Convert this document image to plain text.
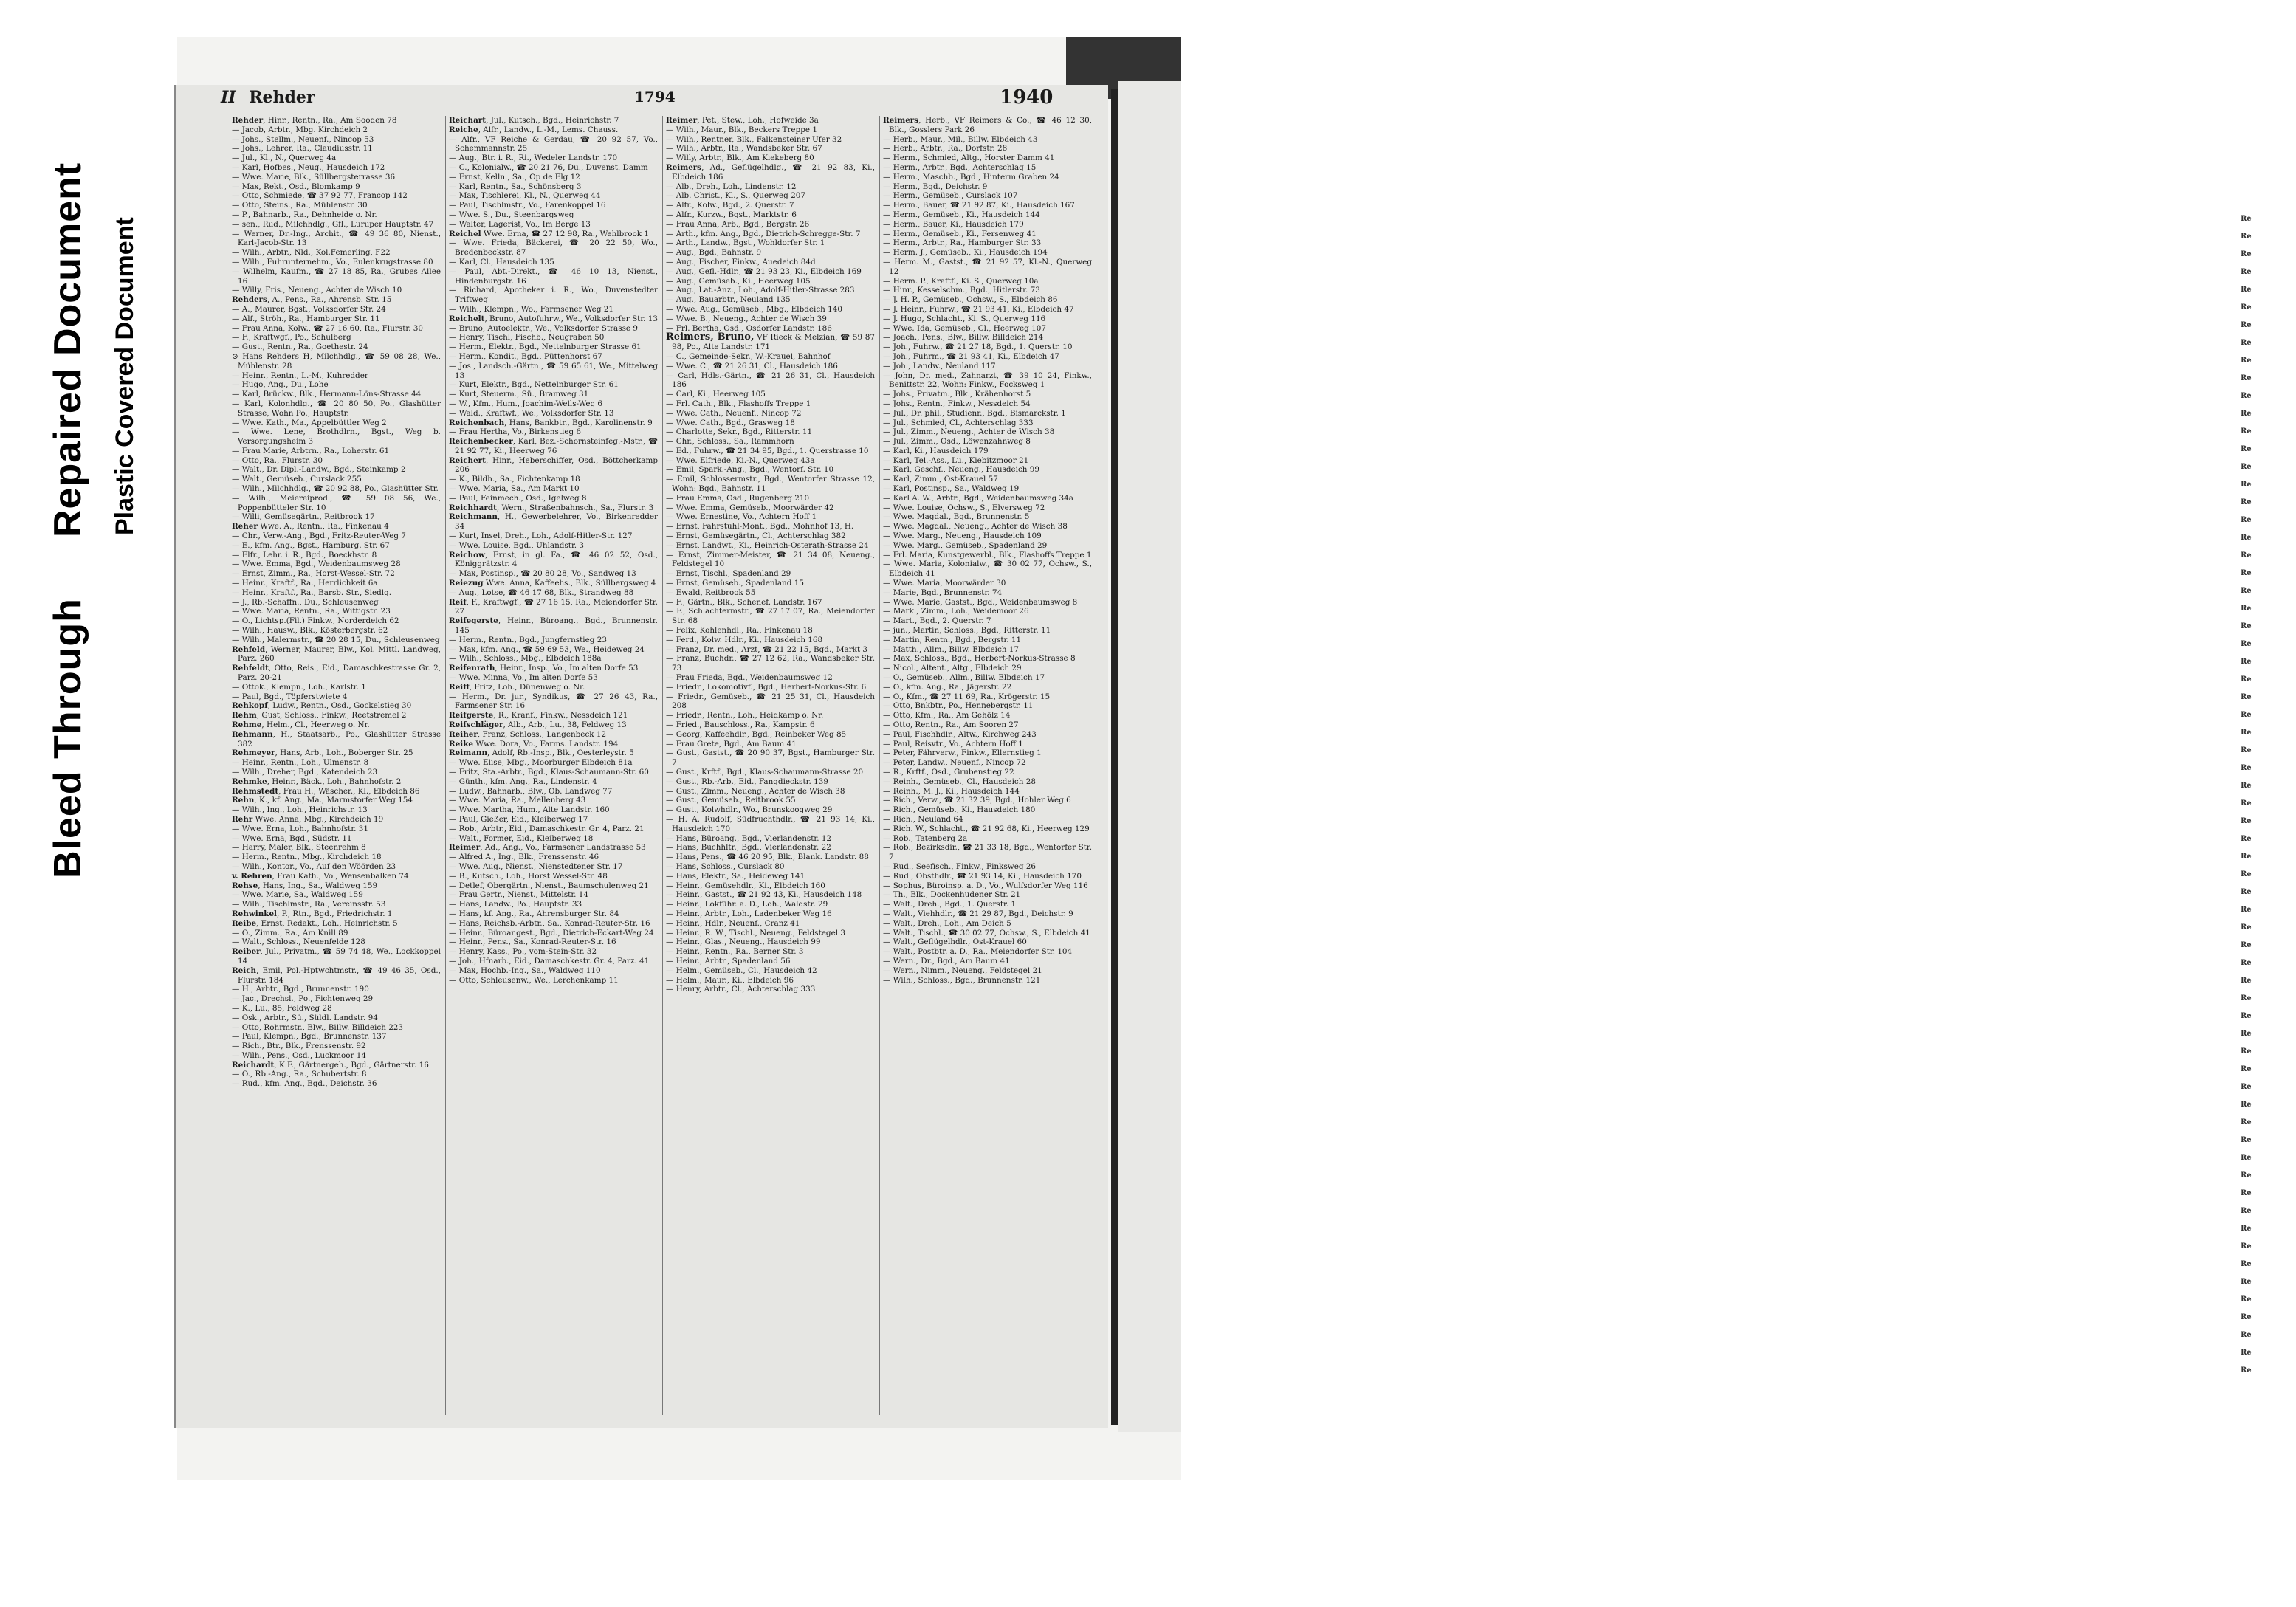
Bleed Through
Repaired Document Plastic Covered Document	Re
Re
Re
Re
Re
Re
Re
Re
Re
Re
Re
Re
Re
Re
Re
Re
Re
Re
Re
Re
Re
Re
Re
Re
Re
Re
Re
Re
Re
Re
Re
Re
Re
Re
Re
Re
Re
Re
Re
Re
Re
Re
Re
Re
Re
Re
Re
Re
Re
Re
Re
Re
Re
Re
Re
Re
Re
Re
Re
Re
Re
Re
Re
Re
Re
Re
II Rehder	1794	1940

Rehder, Hinr., Rentn., Ra., Am Sooden 78

— Jacob, Arbtr., Mbg. Kirchdeich 2

— Johs., Stellm., Neuenf., Nincop 53

— Johs., Lehrer, Ra., Claudiusstr. 11

— Jul., Kl., N., Querweg 4a

— Karl, Hofbes., Neug., Hausdeich 172

— Wwe. Marie, Blk., Süllbergsterrasse 36

— Max, Rekt., Osd., Blomkamp 9

— Otto, Schmiede, ☎ 37 92 77, Francop 142

— Otto, Steins., Ra., Mühlenstr. 30

— P., Bahnarb., Ra., Dehnheide o. Nr.

— sen., Rud., Milchhdlg., Gfl., Luruper Hauptstr. 47

— Werner, Dr.-Ing., Archit., ☎ 49 36 80, Nienst., Karl-Jacob-Str. 13

— Wilh., Arbtr., Nld., Kol.Femerling, F22

— Wilh., Fuhrunternehm., Vo., Eulenkrugstrasse 80

— Wilhelm, Kaufm., ☎ 27 18 85, Ra., Grubes Allee 16

— Willy, Fris., Neueng., Achter de Wisch 10

Rehders, A., Pens., Ra., Ahrensb. Str. 15

— A., Maurer, Bgst., Volksdorfer Str. 24

— Alf., Ströh., Ra., Hamburger Str. 11

— Frau Anna, Kolw., ☎ 27 16 60, Ra., Flurstr. 30

— F., Kraftwgf., Po., Schulberg

— Gust., Rentn., Ra., Goethestr. 24

⊙ Hans Rehders H, Milchhdlg., ☎ 59 08 28, We., Mühlenstr. 28

— Heinr., Rentn., L.-M., Kuhredder

— Hugo, Ang., Du., Lohe

— Karl, Brückw., Blk., Hermann-Löns-Strasse 44

— Karl, Kolonhdlg., ☎ 20 80 50, Po., Glashütter Strasse, Wohn Po., Hauptstr.

— Wwe. Kath., Ma., Appelbüttler Weg 2

— Wwe. Lene, Brothdlrn., Bgst., Weg b. Versorgungsheim 3

— Frau Marie, Arbtrn., Ra., Loherstr. 61

— Otto, Ra., Flurstr. 30

— Walt., Dr. Dipl.-Landw., Bgd., Steinkamp 2

— Walt., Gemüseb., Curslack 255

— Wilh., Milchhdlg., ☎ 20 92 88, Po., Glashütter Str.

— Wilh., Meiereiprod., ☎ 59 08 56, We., Poppenbütteler Str. 10

— Willi, Gemüsegärtn., Reitbrook 17

Reher Wwe. A., Rentn., Ra., Finkenau 4

— Chr., Verw.-Ang., Bgd., Fritz-Reuter-Weg 7

— E., kfm. Ang., Bgst., Hamburg. Str. 67

— Elfr., Lehr. i. R., Bgd., Boeckhstr. 8

— Wwe. Emma, Bgd., Weidenbaumsweg 28

— Ernst, Zimm., Ra., Horst-Wessel-Str. 72

— Heinr., Kraftf., Ra., Herrlichkeit 6a

— Heinr., Kraftf., Ra., Barsb. Str., Siedlg.

— J., Rb.-Schaffn., Du., Schleusenweg

— Wwe. Maria, Rentn., Ra., Wittigstr. 23

— O., Lichtsp.(Fil.) Finkw., Norderdeich 62

— Wilh., Hausw., Blk., Kösterbergstr. 62

— Wilh., Malermstr., ☎ 20 28 15, Du., Schleusenweg

Rehfeld, Werner, Maurer, Blw., Kol. Mittl. Landweg, Parz. 260

Rehfeldt, Otto, Reis., Eid., Damaschkestrasse Gr. 2, Parz. 20-21

— Ottok., Klempn., Loh., Karlstr. 1

— Paul, Bgd., Töpferstwiete 4

Rehkopf, Ludw., Rentn., Osd., Gockelstieg 30

Rehm, Gust, Schloss., Finkw., Reetstremel 2

Rehme, Helm., Cl., Heerweg o. Nr.

Rehmann, H., Staatsarb., Po., Glashütter Strasse 382

Rehmeyer, Hans, Arb., Loh., Boberger Str. 25

— Heinr., Rentn., Loh., Ulmenstr. 8

— Wilh., Dreher, Bgd., Katendeich 23

Rehmke, Heinr., Bäck., Loh., Bahnhofstr. 2

Rehmstedt, Frau H., Wäscher., Kl., Elbdeich 86

Rehn, K., kf. Ang., Ma., Marmstorfer Weg 154

— Wilh., Ing., Loh., Heinrichstr. 13

Rehr Wwe. Anna, Mbg., Kirchdeich 19

— Wwe. Erna, Loh., Bahnhofstr. 31

— Wwe. Erna, Bgd., Südstr. 11

— Harry, Maler, Blk., Steenrehm 8

— Herm., Rentn., Mbg., Kirchdeich 18

— Wilh., Kontor., Vo., Auf den Wöörden 23

v. Rehren, Frau Kath., Vo., Wensenbalken 74

Rehse, Hans, Ing., Sa., Waldweg 159

— Wwe. Marie, Sa., Waldweg 159

— Wilh., Tischlmstr., Ra., Vereinsstr. 53

Rehwinkel, P., Rtn., Bgd., Friedrichstr. 1

Reibe, Ernst, Redakt., Loh., Heinrichstr. 5

— O., Zimm., Ra., Am Knill 89

— Walt., Schloss., Neuenfelde 128

Reiber, Jul., Privatm., ☎ 59 74 48, We., Lockkoppel 14

Reich, Emil, Pol.-Hptwchtmstr., ☎ 49 46 35, Osd., Flurstr. 184

— H., Arbtr., Bgd., Brunnenstr. 190

— Jac., Drechsl., Po., Fichtenweg 29

— K., Lu., 85, Feldweg 28

— Osk., Arbtr., Sü., Süldl. Landstr. 94

— Otto, Rohrmstr., Blw., Billw. Billdeich 223

— Paul, Klempn., Bgd., Brunnenstr. 137

— Rich., Btr., Blk., Frenssenstr. 92

— Wilh., Pens., Osd., Luckmoor 14

Reichardt, K.F., Gärtnergeh., Bgd., Gärtnerstr. 16

— O., Rb.-Ang., Ra., Schubertstr. 8

— Rud., kfm. Ang., Bgd., Deichstr. 36

Reichart, Jul., Kutsch., Bgd., Heinrichstr. 7

Reiche, Alfr., Landw., L.-M., Lems. Chauss.

— Alfr., VF Reiche & Gerdau, ☎ 20 92 57, Vo., Schemmannstr. 25

— Aug., Btr. i. R., Ri., Wedeler Landstr. 170

— C., Kolonialw., ☎ 20 21 76, Du., Duvenst. Damm

— Ernst, Kelln., Sa., Op de Elg 12

— Karl, Rentn., Sa., Schönsberg 3

— Max, Tischlerei, Kl., N., Querweg 44

— Paul, Tischlmstr., Vo., Farenkoppel 16

— Wwe. S., Du., Steenbargsweg

— Walter, Lagerist, Vo., Im Berge 13

Reichel Wwe. Erna, ☎ 27 12 98, Ra., Wehlbrook 1

— Wwe. Frieda, Bäckerei, ☎ 20 22 50, Wo., Bredenbeckstr. 87

— Karl, Cl., Hausdeich 135

— Paul, Abt.-Direkt., ☎ 46 10 13, Nienst., Hindenburgstr. 16

— Richard, Apotheker i. R., Wo., Duvenstedter Triftweg

— Wilh., Klempn., Wo., Farmsener Weg 21

Reichelt, Bruno, Autofuhrw., We., Volksdorfer Str. 13

— Bruno, Autoelektr., We., Volksdorfer Strasse 9

— Henry, Tischl, Fischb., Neugraben 50

— Herm., Elektr., Bgd., Nettelnburger Strasse 61

— Herm., Kondit., Bgd., Püttenhorst 67

— Jos., Landsch.-Gärtn., ☎ 59 65 61, We., Mittelweg 13

— Kurt, Elektr., Bgd., Nettelnburger Str. 61

— Kurt, Steuerm., Sü., Bramweg 31

— W., Kfm., Hum., Joachim-Wells-Weg 6

— Wald., Kraftwf., We., Volksdorfer Str. 13

Reichenbach, Hans, Bankbtr., Bgd., Karolinenstr. 9

— Frau Hertha, Vo., Birkenstieg 6

Reichenbecker, Karl, Bez.-Schornsteinfeg.-Mstr., ☎ 21 92 77, Ki., Heerweg 76

Reichert, Hinr., Heberschiffer, Osd., Böttcherkamp 206

— K., Bildh., Sa., Fichtenkamp 18

— Wwe. Maria, Sa., Am Markt 10

— Paul, Feinmech., Osd., Igelweg 8

Reichhardt, Wern., Straßenbahnsch., Sa., Flurstr. 3

Reichmann, H., Gewerbelehrer, Vo., Birkenredder 34

— Kurt, Insel, Dreh., Loh., Adolf-Hitler-Str. 127

— Wwe. Louise, Bgd., Uhlandstr. 3

Reichow, Ernst, in gl. Fa., ☎ 46 02 52, Osd., Königgrätzstr. 4

— Max, Postinsp., ☎ 20 80 28, Vo., Sandweg 13

Reiezug Wwe. Anna, Kaffeehs., Blk., Süllbergsweg 4

— Aug., Lotse, ☎ 46 17 68, Blk., Strandweg 88

Reif, F., Kraftwgf., ☎ 27 16 15, Ra., Meiendorfer Str. 27

Reifegerste, Heinr., Büroang., Bgd., Brunnenstr. 145

— Herm., Rentn., Bgd., Jungfernstieg 23

— Max, kfm. Ang., ☎ 59 69 53, We., Heideweg 24

— Wilh., Schloss., Mbg., Elbdeich 188a

Reifenrath, Heinr., Insp., Vo., Im alten Dorfe 53

— Wwe. Minna, Vo., Im alten Dorfe 53

Reiff, Fritz, Loh., Dünenweg o. Nr.

— Herm., Dr. jur., Syndikus, ☎ 27 26 43, Ra., Farmsener Str. 16

Reifgerste, R., Kranf., Finkw., Nessdeich 121

Reifschläger, Alb., Arb., Lu., 38, Feldweg 13

Reiher, Franz, Schloss., Langenbeck 12

Reike Wwe. Dora, Vo., Farms. Landstr. 194

Reimann, Adolf, Rb.-Insp., Blk., Oesterleystr. 5

— Wwe. Elise, Mbg., Moorburger Elbdeich 81a

— Fritz, Sta.-Arbtr., Bgd., Klaus-Schaumann-Str. 60

— Günth., kfm. Ang., Ra., Lindenstr. 4

— Ludw., Bahnarb., Blw., Ob. Landweg 77

— Wwe. Maria, Ra., Mellenberg 43

— Wwe. Martha, Hum., Alte Landstr. 160

— Paul, Gießer, Eid., Kleiberweg 17

— Rob., Arbtr., Eid., Damaschkestr. Gr. 4, Parz. 21

— Walt., Former, Eid., Kleiberweg 18

Reimer, Ad., Ang., Vo., Farmsener Landstrasse 53

— Alfred A., Ing., Blk., Frenssenstr. 46

— Wwe. Aug., Nienst., Nienstedtener Str. 17

— B., Kutsch., Loh., Horst Wessel-Str. 48

— Detlef, Obergärtn., Nienst., Baumschulenweg 21

— Frau Gertr., Nienst., Mittelstr. 14

— Hans, Landw., Po., Hauptstr. 33

— Hans, kf. Ang., Ra., Ahrensburger Str. 84

— Hans, Reichsb.-Arbtr., Sa., Konrad-Reuter-Str. 16

— Heinr., Büroangest., Bgd., Dietrich-Eckart-Weg 24

— Heinr., Pens., Sa., Konrad-Reuter-Str. 16

— Henry, Kass., Po., vom-Stein-Str. 32

— Joh., Hfnarb., Eid., Damaschkestr. Gr. 4, Parz. 41

— Max, Hochb.-Ing., Sa., Waldweg 110

— Otto, Schleusenw., We., Lerchenkamp 11

Reimer, Pet., Stew., Loh., Hofweide 3a

— Wilh., Maur., Blk., Beckers Treppe 1

— Wilh., Rentner, Blk., Falkensteiner Ufer 32

— Wilh., Arbtr., Ra., Wandsbeker Str. 67

— Willy, Arbtr., Blk., Am Kiekeberg 80

Reimers, Ad., Geflügelhdlg., ☎ 21 92 83, Ki., Elbdeich 186

— Alb., Dreh., Loh., Lindenstr. 12

— Alb. Christ., Kl., S., Querweg 207

— Alfr., Kolw., Bgd., 2. Querstr. 7

— Alfr., Kurzw., Bgst., Marktstr. 6

— Frau Anna, Arb., Bgd., Bergstr. 26

— Arth., kfm. Ang., Bgd., Dietrich-Schregge-Str. 7

— Arth., Landw., Bgst., Wohldorfer Str. 1

— Aug., Bgd., Bahnstr. 9

— Aug., Fischer, Finkw., Auedeich 84d

— Aug., Gefl.-Hdlr., ☎ 21 93 23, Ki., Elbdeich 169

— Aug., Gemüseb., Ki., Heerweg 105

— Aug., Lat.-Anz., Loh., Adolf-Hitler-Strasse 283

— Aug., Bauarbtr., Neuland 135

— Wwe. Aug., Gemüseb., Mbg., Elbdeich 140

— Wwe. B., Neueng., Achter de Wisch 39

— Frl. Bertha, Osd., Osdorfer Landstr. 186

Reimers, Bruno, VF Rieck & Melzian, ☎ 59 87 98, Po., Alte Landstr. 171

— C., Gemeinde-Sekr., W.-Krauel, Bahnhof

— Wwe. C., ☎ 21 26 31, Cl., Hausdeich 186

— Carl, Hdls.-Gärtn., ☎ 21 26 31, Cl., Hausdeich 186

— Carl, Ki., Heerweg 105

— Frl. Cath., Blk., Flashoffs Treppe 1

— Wwe. Cath., Neuenf., Nincop 72

— Wwe. Cath., Bgd., Grasweg 18

— Charlotte, Sekr., Bgd., Ritterstr. 11

— Chr., Schloss., Sa., Rammhorn

— Ed., Fuhrw., ☎ 21 34 95, Bgd., 1. Querstrasse 10

— Wwe. Elfriede, Ki.-N., Querweg 43a

— Emil, Spark.-Ang., Bgd., Wentorf. Str. 10

— Emil, Schlossermstr., Bgd., Wentorfer Strasse 12, Wohn: Bgd., Bahnstr. 11

— Frau Emma, Osd., Rugenberg 210

— Wwe. Emma, Gemüseb., Moorwärder 42

— Wwe. Ernestine, Vo., Achtern Hoff 1

— Ernst, Fahrstuhl-Mont., Bgd., Mohnhof 13, H.

— Ernst, Gemüsegärtn., Cl., Achterschlag 382

— Ernst, Landwt., Ki., Heinrich-Osterath-Strasse 24

— Ernst, Zimmer-Meister, ☎ 21 34 08, Neueng., Feldstegel 10

— Ernst, Tischl., Spadenland 29

— Ernst, Gemüseb., Spadenland 15

— Ewald, Reitbrook 55

— F., Gärtn., Blk., Schenef. Landstr. 167

— F., Schlachtermstr., ☎ 27 17 07, Ra., Meiendorfer Str. 68

— Felix, Kohlenhdl., Ra., Finkenau 18

— Ferd., Kolw. Hdlr., Ki., Hausdeich 168

— Franz, Dr. med., Arzt, ☎ 21 22 15, Bgd., Markt 3

— Franz, Buchdr., ☎ 27 12 62, Ra., Wandsbeker Str. 73

— Frau Frieda, Bgd., Weidenbaumsweg 12

— Friedr., Lokomotivf., Bgd., Herbert-Norkus-Str. 6

— Friedr., Gemüseb., ☎ 21 25 31, Cl., Hausdeich 208

— Friedr., Rentn., Loh., Heidkamp o. Nr.

— Fried., Bauschloss., Ra., Kampstr. 6

— Georg, Kaffeehdlr., Bgd., Reinbeker Weg 85

— Frau Grete, Bgd., Am Baum 41

— Gust., Gastst., ☎ 20 90 37, Bgst., Hamburger Str. 7

— Gust., Krftf., Bgd., Klaus-Schaumann-Strasse 20

— Gust., Rb.-Arb., Eid., Fangdieckstr. 139

— Gust., Zimm., Neueng., Achter de Wisch 38

— Gust., Gemüseb., Reitbrook 55

— Gust., Kolwhdlr., Wo., Brunskoogweg 29

— H. A. Rudolf, Südfruchthdlr., ☎ 21 93 14, Ki., Hausdeich 170

— Hans, Büroang., Bgd., Vierlandenstr. 12

— Hans, Buchhltr., Bgd., Vierlandenstr. 22

— Hans, Pens., ☎ 46 20 95, Blk., Blank. Landstr. 88

— Hans, Schloss., Curslack 80

— Hans, Elektr., Sa., Heideweg 141

— Heinr., Gemüsehdlr., Ki., Elbdeich 160

— Heinr., Gastst., ☎ 21 92 43, Ki., Hausdeich 148

— Heinr., Lokführ. a. D., Loh., Waldstr. 29

— Heinr., Arbtr., Loh., Ladenbeker Weg 16

— Heinr., Hdlr., Neuenf., Cranz 41

— Heinr., R. W., Tischl., Neueng., Feldstegel 3

— Heinr., Glas., Neueng., Hausdeich 99

— Heinr., Rentn., Ra., Berner Str. 3

— Heinr., Arbtr., Spadenland 56

— Helm., Gemüseb., Cl., Hausdeich 42

— Helm., Maur., Ki., Elbdeich 96

— Henry, Arbtr., Cl., Achterschlag 333

Reimers, Herb., VF Reimers & Co., ☎ 46 12 30, Blk., Gosslers Park 26

— Herb., Maur., Mil., Billw. Elbdeich 43

— Herb., Arbtr., Ra., Dorfstr. 28

— Herm., Schmied, Altg., Horster Damm 41

— Herm., Arbtr., Bgd., Achterschlag 15

— Herm., Maschb., Bgd., Hinterm Graben 24

— Herm., Bgd., Deichstr. 9

— Herm., Gemüseb., Curslack 107

— Herm., Bauer, ☎ 21 92 87, Ki., Hausdeich 167

— Herm., Gemüseb., Ki., Hausdeich 144

— Herm., Bauer, Ki., Hausdeich 179

— Herm., Gemüseb., Ki., Fersenweg 41

— Herm., Arbtr., Ra., Hamburger Str. 33

— Herm. J., Gemüseb., Ki., Hausdeich 194

— Herm. M., Gastst., ☎ 21 92 57, Kl.-N., Querweg 12

— Herm. P., Kraftf., Ki. S., Querweg 10a

— Hinr., Kesselschm., Bgd., Hitlerstr. 73

— J. H. P., Gemüseb., Ochsw., S., Elbdeich 86

— J. Heinr., Fuhrw., ☎ 21 93 41, Ki., Elbdeich 47

— J. Hugo, Schlacht., Ki. S., Querweg 116

— Wwe. Ida, Gemüseb., Cl., Heerweg 107

— Joach., Pens., Blw., Billw. Billdeich 214

— Joh., Fuhrw., ☎ 21 27 18, Bgd., 1. Querstr. 10

— Joh., Fuhrm., ☎ 21 93 41, Ki., Elbdeich 47

— Joh., Landw., Neuland 117

— John, Dr. med., Zahnarzt, ☎ 39 10 24, Finkw., Benittstr. 22, Wohn: Finkw., Focksweg 1

— Johs., Privatm., Blk., Krähenhorst 5

— Johs., Rentn., Finkw., Nessdeich 54

— Jul., Dr. phil., Studienr., Bgd., Bismarckstr. 1

— Jul., Schmied, Cl., Achterschlag 333

— Jul., Zimm., Neueng., Achter de Wisch 38

— Jul., Zimm., Osd., Löwenzahnweg 8

— Karl, Ki., Hausdeich 179

— Karl, Tel.-Ass., Lu., Kiebitzmoor 21

— Karl, Geschf., Neueng., Hausdeich 99

— Karl, Zimm., Ost-Krauel 57

— Karl, Postinsp., Sa., Waldweg 19

— Karl A. W., Arbtr., Bgd., Weidenbaumsweg 34a

— Wwe. Louise, Ochsw., S., Elversweg 72

— Wwe. Magdal., Bgd., Brunnenstr. 5

— Wwe. Magdal., Neueng., Achter de Wisch 38

— Wwe. Marg., Neueng., Hausdeich 109

— Wwe. Marg., Gemüseb., Spadenland 29

— Frl. Maria, Kunstgewerbl., Blk., Flashoffs Treppe 1

— Wwe. Maria, Kolonialw., ☎ 30 02 77, Ochsw., S., Elbdeich 41

— Wwe. Maria, Moorwärder 30

— Marie, Bgd., Brunnenstr. 74

— Wwe. Marie, Gastst., Bgd., Weidenbaumsweg 8

— Mark., Zimm., Loh., Weidemoor 26

— Mart., Bgd., 2. Querstr. 7

— jun., Martin, Schloss., Bgd., Ritterstr. 11

— Martin, Rentn., Bgd., Bergstr. 11

— Matth., Allm., Billw. Elbdeich 17

— Max, Schloss., Bgd., Herbert-Norkus-Strasse 8

— Nicol., Altent., Altg., Elbdeich 29

— O., Gemüseb., Allm., Billw. Elbdeich 17

— O., kfm. Ang., Ra., Jägerstr. 22

— O., Kfm., ☎ 27 11 69, Ra., Krögerstr. 15

— Otto, Bnkbtr., Po., Hennebergstr. 11

— Otto, Kfm., Ra., Am Gehölz 14

— Otto, Rentn., Ra., Am Sooren 27

— Paul, Fischhdlr., Altw., Kirchweg 243

— Paul, Reisvtr., Vo., Achtern Hoff 1

— Peter, Fährverw., Finkw., Ellernstieg 1

— Peter, Landw., Neuenf., Nincop 72

— R., Krftf., Osd., Grubenstieg 22

— Reinh., Gemüseb., Cl., Hausdeich 28

— Reinh., M. J., Ki., Hausdeich 144

— Rich., Verw., ☎ 21 32 39, Bgd., Hohler Weg 6

— Rich., Gemüseb., Ki., Hausdeich 180

— Rich., Neuland 64

— Rich. W., Schlacht., ☎ 21 92 68, Ki., Heerweg 129

— Rob., Tatenberg 2a

— Rob., Bezirksdir., ☎ 21 33 18, Bgd., Wentorfer Str. 7

— Rud., Seefisch., Finkw., Finksweg 26

— Rud., Obsthdlr., ☎ 21 93 14, Ki., Hausdeich 170

— Sophus, Büroinsp. a. D., Vo., Wulfsdorfer Weg 116

— Th., Blk., Dockenhudener Str. 21

— Walt., Dreh., Bgd., 1. Querstr. 1

— Walt., Viehhdlr., ☎ 21 29 87, Bgd., Deichstr. 9

— Walt., Dreh., Loh., Am Deich 5

— Walt., Tischl., ☎ 30 02 77, Ochsw., S., Elbdeich 41

— Walt., Geflügelhdlr., Ost-Krauel 60

— Walt., Postbtr. a. D., Ra., Meiendorfer Str. 104

— Wern., Dr., Bgd., Am Baum 41

— Wern., Nimm., Neueng., Feldstegel 21

— Wilh., Schloss., Bgd., Brunnenstr. 121
